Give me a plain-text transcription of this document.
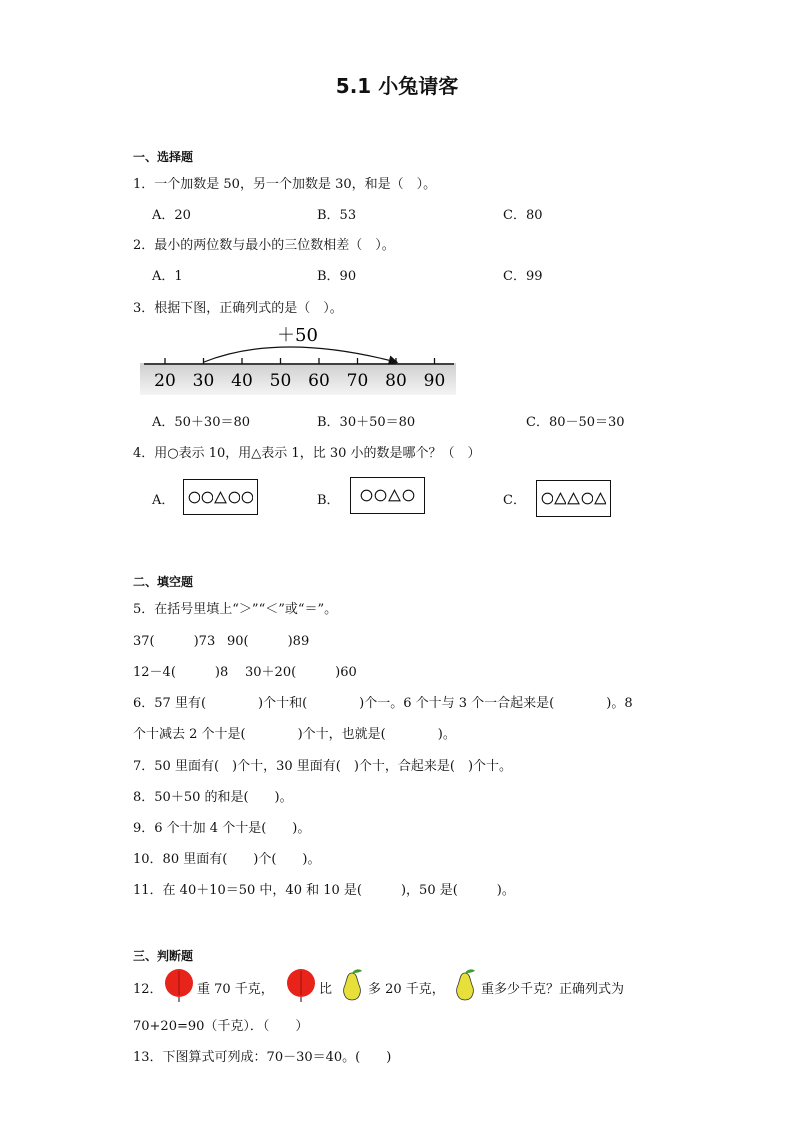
5.1 小兔请客
一、选择题
1．一个加数是 50，另一个加数是 30，和是（　）。
A．20	B．53	C．80
2．最小的两位数与最小的三位数相差（　）。
A．1	B．90	C．99
3．根据下图，正确列式的是（　）。
20 30 40 50 60 70 80 90
＋50
A．50＋30＝80	B．30＋50＝80	C．80－50＝30
4．用○表示 10，用△表示 1，比 30 小的数是哪个？（　）
A．	B．	C．
二、填空题
5．在括号里填上“＞”“＜”或“＝”。
37(　　　)73 90(　　　)89
12－4(　　　)8 30＋20(　　　)60
6．57 里有(　　　　)个十和(　　　　)个一。6 个十与 3 个一合起来是(　　　　)。8
个十减去 2 个十是(　　　　)个十，也就是(　　　　)。
7．50 里面有(　)个十，30 里面有(　)个十，合起来是(　)个十。
8．50＋50 的和是(　　)。
9．6 个十加 4 个十是(　　)。
10．80 里面有(　　)个(　　)。
11．在 40＋10＝50 中，40 和 10 是(　　　)，50 是(　　　)。
三、判断题
12．	重 70 千克，	比	多 20 千克，	重多少千克？正确列式为
70+20=90（千克）．（　　）
13．下图算式可列成：70－30＝40。(　　)
